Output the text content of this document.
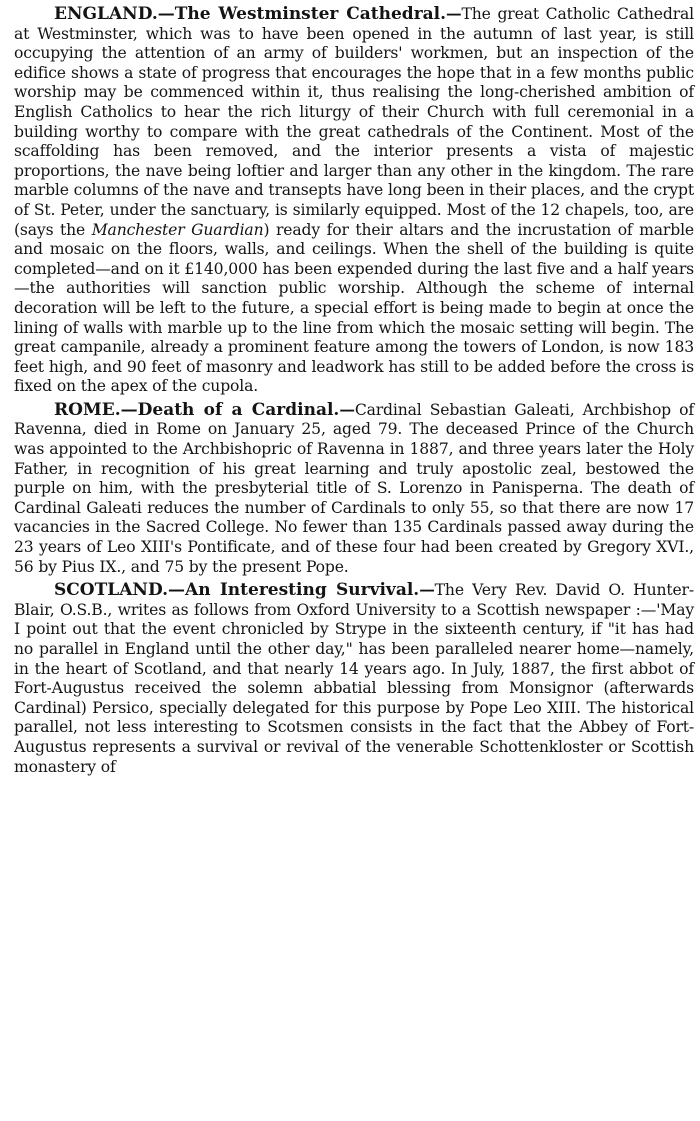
ENGLAND.—The Westminster Cathedral.—The great Catholic Cathedral at Westminster, which was to have been opened in the autumn of last year, is still occupying the attention of an army of builders' workmen, but an inspection of the edifice shows a state of progress that encourages the hope that in a few months public worship may be commenced within it, thus realising the long-cherished ambition of English Catholics to hear the rich liturgy of their Church with full ceremonial in a building worthy to compare with the great cathedrals of the Continent. Most of the scaffolding has been removed, and the interior presents a vista of majestic proportions, the nave being loftier and larger than any other in the kingdom. The rare marble columns of the nave and transepts have long been in their places, and the crypt of St. Peter, under the sanctuary, is similarly equipped. Most of the 12 chapels, too, are (says the Manchester Guardian) ready for their altars and the incrustation of marble and mosaic on the floors, walls, and ceilings. When the shell of the building is quite completed—and on it £140,000 has been expended during the last five and a half years—the authorities will sanction public worship. Although the scheme of internal decoration will be left to the future, a special effort is being made to begin at once the lining of walls with marble up to the line from which the mosaic setting will begin. The great campanile, already a prominent feature among the towers of London, is now 183 feet high, and 90 feet of masonry and leadwork has still to be added before the cross is fixed on the apex of the cupola.

ROME.—Death of a Cardinal.—Cardinal Sebastian Galeati, Archbishop of Ravenna, died in Rome on January 25, aged 79. The deceased Prince of the Church was appointed to the Archbishopric of Ravenna in 1887, and three years later the Holy Father, in recognition of his great learning and truly apostolic zeal, bestowed the purple on him, with the presbyterial title of S. Lorenzo in Panisperna. The death of Cardinal Galeati reduces the number of Cardinals to only 55, so that there are now 17 vacancies in the Sacred College. No fewer than 135 Cardinals passed away during the 23 years of Leo XIII's Pontificate, and of these four had been created by Gregory XVI., 56 by Pius IX., and 75 by the present Pope.

SCOTLAND.—An Interesting Survival.—The Very Rev. David O. Hunter-Blair, O.S.B., writes as follows from Oxford University to a Scottish newspaper :—'May I point out that the event chronicled by Strype in the sixteenth century, if "it has had no parallel in England until the other day," has been paralleled nearer home—namely, in the heart of Scotland, and that nearly 14 years ago. In July, 1887, the first abbot of Fort-Augustus received the solemn abbatial blessing from Monsignor (afterwards Cardinal) Persico, specially delegated for this purpose by Pope Leo XIII. The historical parallel, not less interesting to Scotsmen consists in the fact that the Abbey of Fort-Augustus represents a survival or revival of the venerable Schottenkloster or Scottish monastery of
